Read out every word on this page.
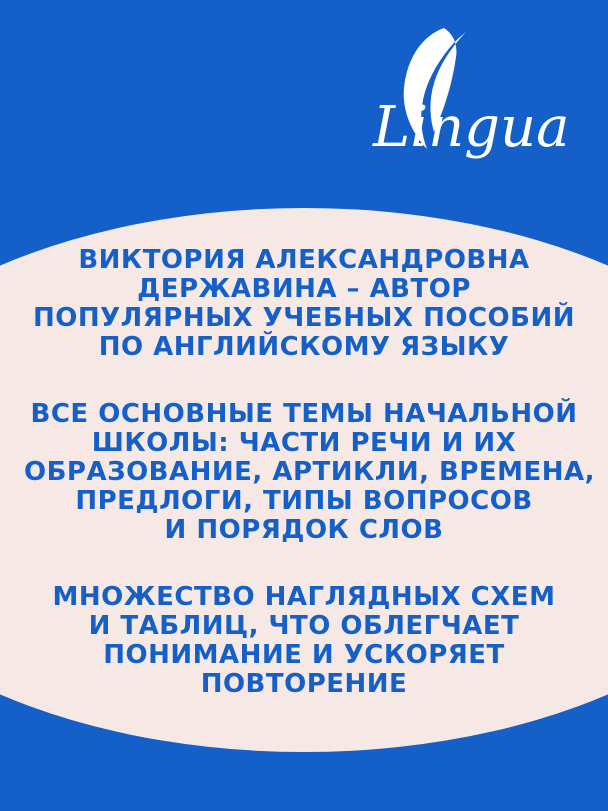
Lingua
ВИКТОРИЯ АЛЕКСАНДРОВНА
ДЕРЖАВИНА – АВТОР
ПОПУЛЯРНЫХ УЧЕБНЫХ ПОСОБИЙ
ПО АНГЛИЙСКОМУ ЯЗЫКУ
ВСЕ ОСНОВНЫЕ ТЕМЫ НАЧАЛЬНОЙ
ШКОЛЫ: ЧАСТИ РЕЧИ И ИХ
ОБРАЗОВАНИЕ, АРТИКЛИ, ВРЕМЕНА,
ПРЕДЛОГИ, ТИПЫ ВОПРОСОВ
И ПОРЯДОК СЛОВ
МНОЖЕСТВО НАГЛЯДНЫХ СХЕМ
И ТАБЛИЦ, ЧТО ОБЛЕГЧАЕТ
ПОНИМАНИЕ И УСКОРЯЕТ
ПОВТОРЕНИЕ
